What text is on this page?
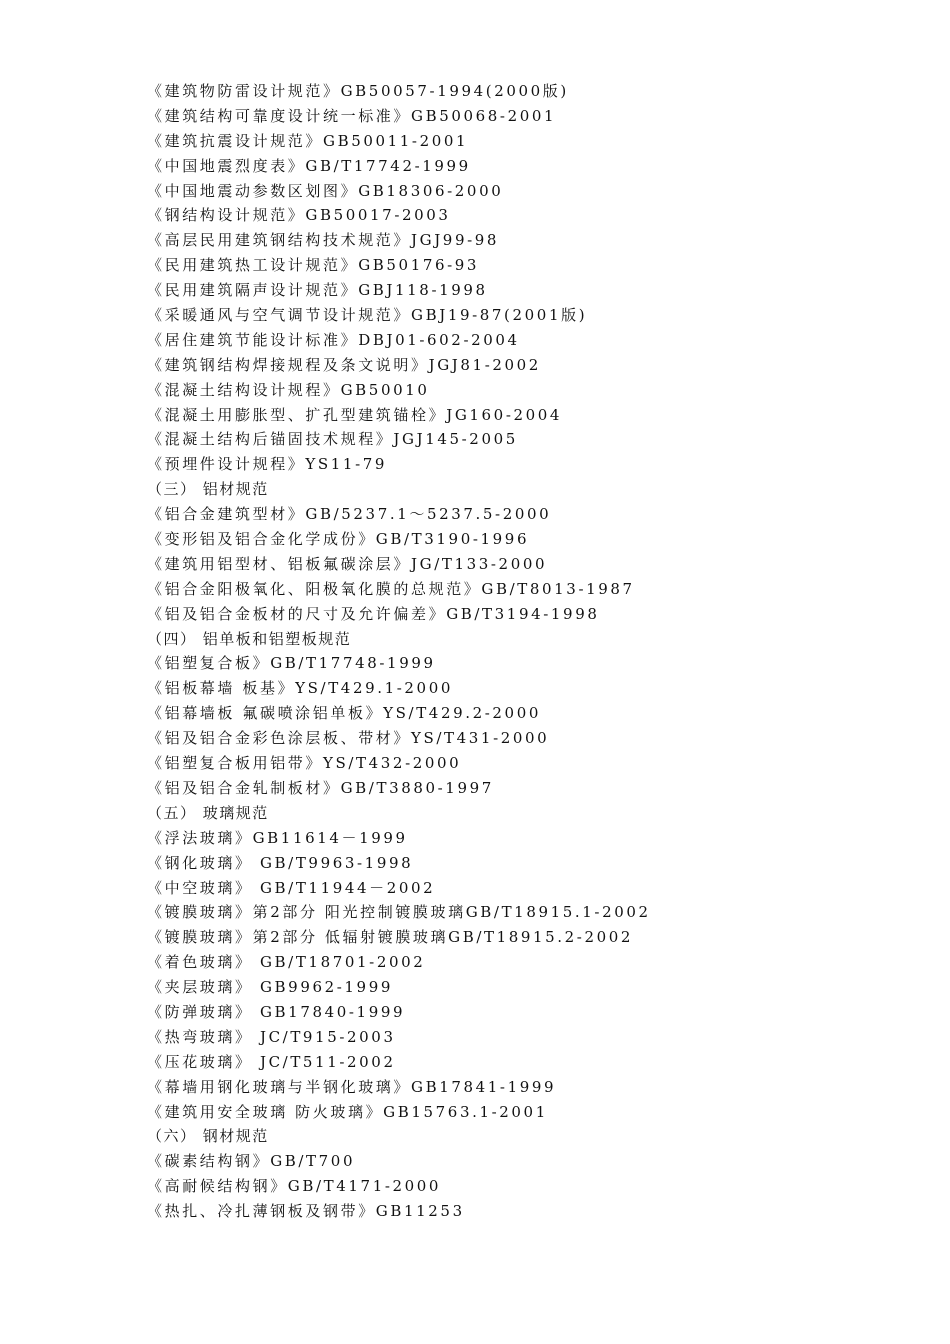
《建筑物防雷设计规范》GB50057-1994(2000版)
《建筑结构可靠度设计统一标准》GB50068-2001
《建筑抗震设计规范》GB50011-2001
《中国地震烈度表》GB/T17742-1999
《中国地震动参数区划图》GB18306-2000
《钢结构设计规范》GB50017-2003
《高层民用建筑钢结构技术规范》JGJ99-98
《民用建筑热工设计规范》GB50176-93
《民用建筑隔声设计规范》GBJ118-1998
《采暖通风与空气调节设计规范》GBJ19-87(2001版)
《居住建筑节能设计标准》DBJ01-602-2004
《建筑钢结构焊接规程及条文说明》JGJ81-2002
《混凝土结构设计规程》GB50010
《混凝土用膨胀型、扩孔型建筑锚栓》JG160-2004
《混凝土结构后锚固技术规程》JGJ145-2005
《预埋件设计规程》YS11-79
（三） 铝材规范
《铝合金建筑型材》GB/5237.1～5237.5-2000
《变形铝及铝合金化学成份》GB/T3190-1996
《建筑用铝型材、铝板氟碳涂层》JG/T133-2000
《铝合金阳极氧化、阳极氧化膜的总规范》GB/T8013-1987
《铝及铝合金板材的尺寸及允许偏差》GB/T3194-1998
（四） 铝单板和铝塑板规范
《铝塑复合板》GB/T17748-1999
《铝板幕墙 板基》YS/T429.1-2000
《铝幕墙板 氟碳喷涂铝单板》YS/T429.2-2000
《铝及铝合金彩色涂层板、带材》YS/T431-2000
《铝塑复合板用铝带》YS/T432-2000
《铝及铝合金轧制板材》GB/T3880-1997
（五） 玻璃规范
《浮法玻璃》GB11614－1999
《钢化玻璃》 GB/T9963-1998
《中空玻璃》 GB/T11944－2002
《镀膜玻璃》第2部分 阳光控制镀膜玻璃GB/T18915.1-2002
《镀膜玻璃》第2部分 低辐射镀膜玻璃GB/T18915.2-2002
《着色玻璃》 GB/T18701-2002
《夹层玻璃》 GB9962-1999
《防弹玻璃》 GB17840-1999
《热弯玻璃》 JC/T915-2003
《压花玻璃》 JC/T511-2002
《幕墙用钢化玻璃与半钢化玻璃》GB17841-1999
《建筑用安全玻璃 防火玻璃》GB15763.1-2001
（六） 钢材规范
《碳素结构钢》GB/T700
《高耐候结构钢》GB/T4171-2000
《热扎、冷扎薄钢板及钢带》GB11253
